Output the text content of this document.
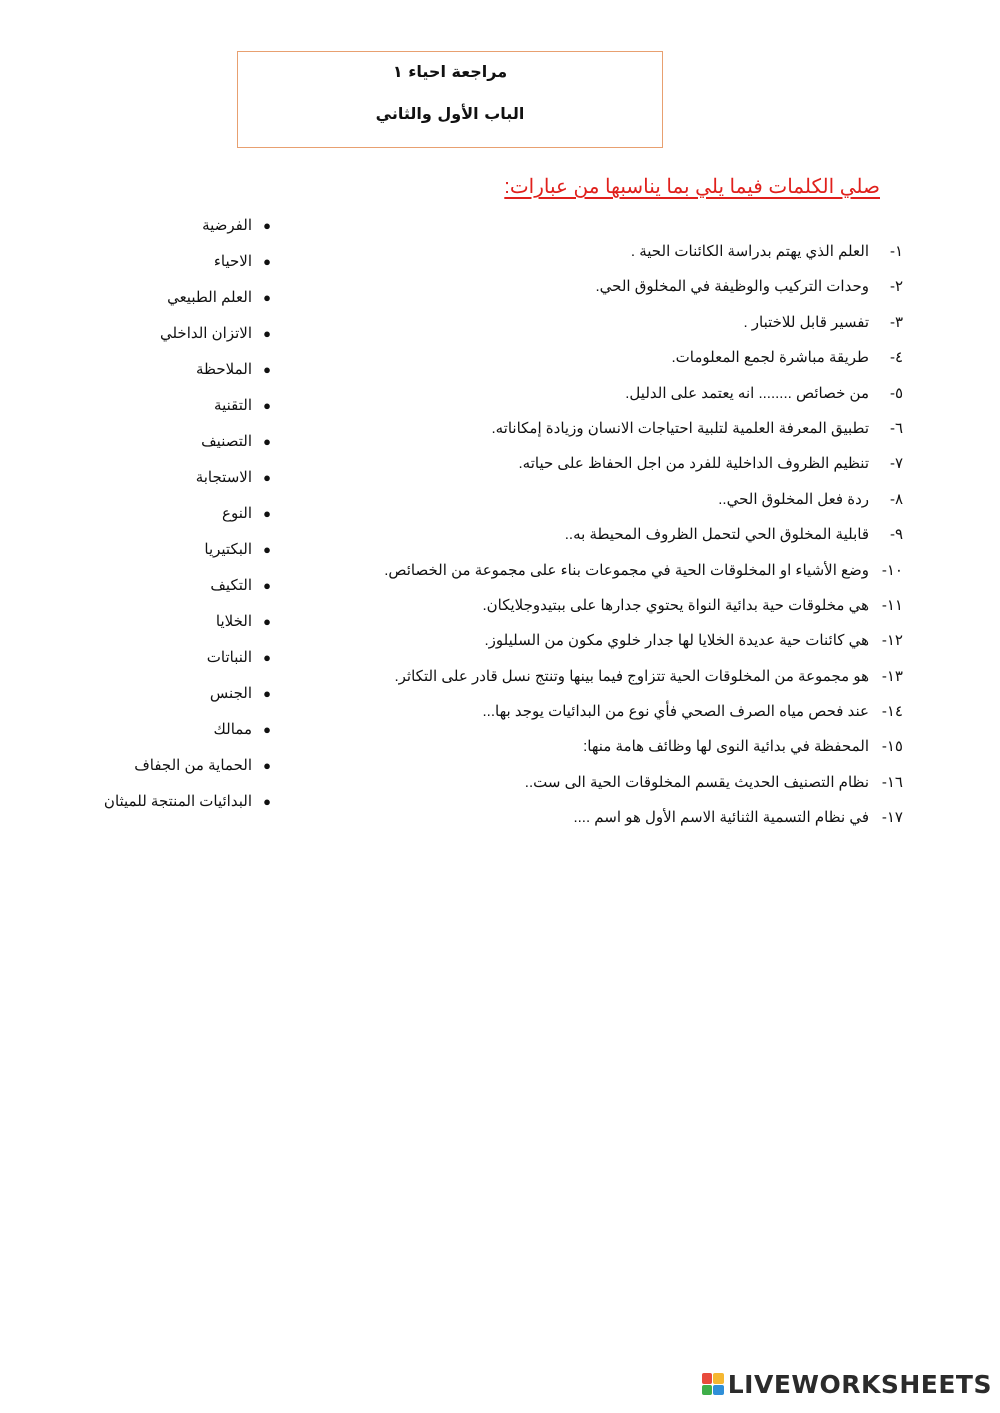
مراجعة احياء ١
الباب الأول والثاني
صلي الكلمات فيما يلي بما يناسبها من عبارات:
١-العلم الذي يهتم بدراسة الكائنات الحية .
٢-وحدات التركيب والوظيفة في المخلوق الحي.
٣-تفسير قابل للاختبار .
٤-طريقة مباشرة لجمع المعلومات.
٥-من خصائص ........ انه يعتمد على الدليل.
٦-تطبيق المعرفة العلمية لتلبية احتياجات الانسان وزيادة إمكاناته.
٧-تنظيم الظروف الداخلية للفرد من اجل الحفاظ على حياته.
٨-ردة فعل المخلوق الحي..
٩-قابلية المخلوق الحي لتحمل الظروف المحيطة به..
١٠-وضع الأشياء او المخلوقات الحية في مجموعات بناء على مجموعة من الخصائص.
١١-هي مخلوقات حية بدائية النواة يحتوي جدارها على ببتيدوجلايكان.
١٢-هي كائنات حية عديدة الخلايا لها جدار خلوي مكون من السليلوز.
١٣-هو مجموعة من المخلوقات الحية تتزاوج فيما بينها وتنتج نسل قادر على التكاثر.
١٤-عند فحص مياه الصرف الصحي فأي نوع من البدائيات يوجد بها...
١٥-المحفظة في بدائية النوى لها وظائف هامة منها:
١٦-نظام التصنيف الحديث يقسم المخلوقات الحية الى ست..
١٧-في نظام التسمية الثنائية الاسم الأول هو اسم ....
●الفرضية
●الاحياء
●العلم الطبيعي
●الاتزان الداخلي
●الملاحظة
●التقنية
●التصنيف
●الاستجابة
●النوع
●البكتيريا
●التكيف
●الخلايا
●النباتات
●الجنس
●ممالك
●الحماية من الجفاف
●البدائيات المنتجة للميثان
LIVEWORKSHEETS
